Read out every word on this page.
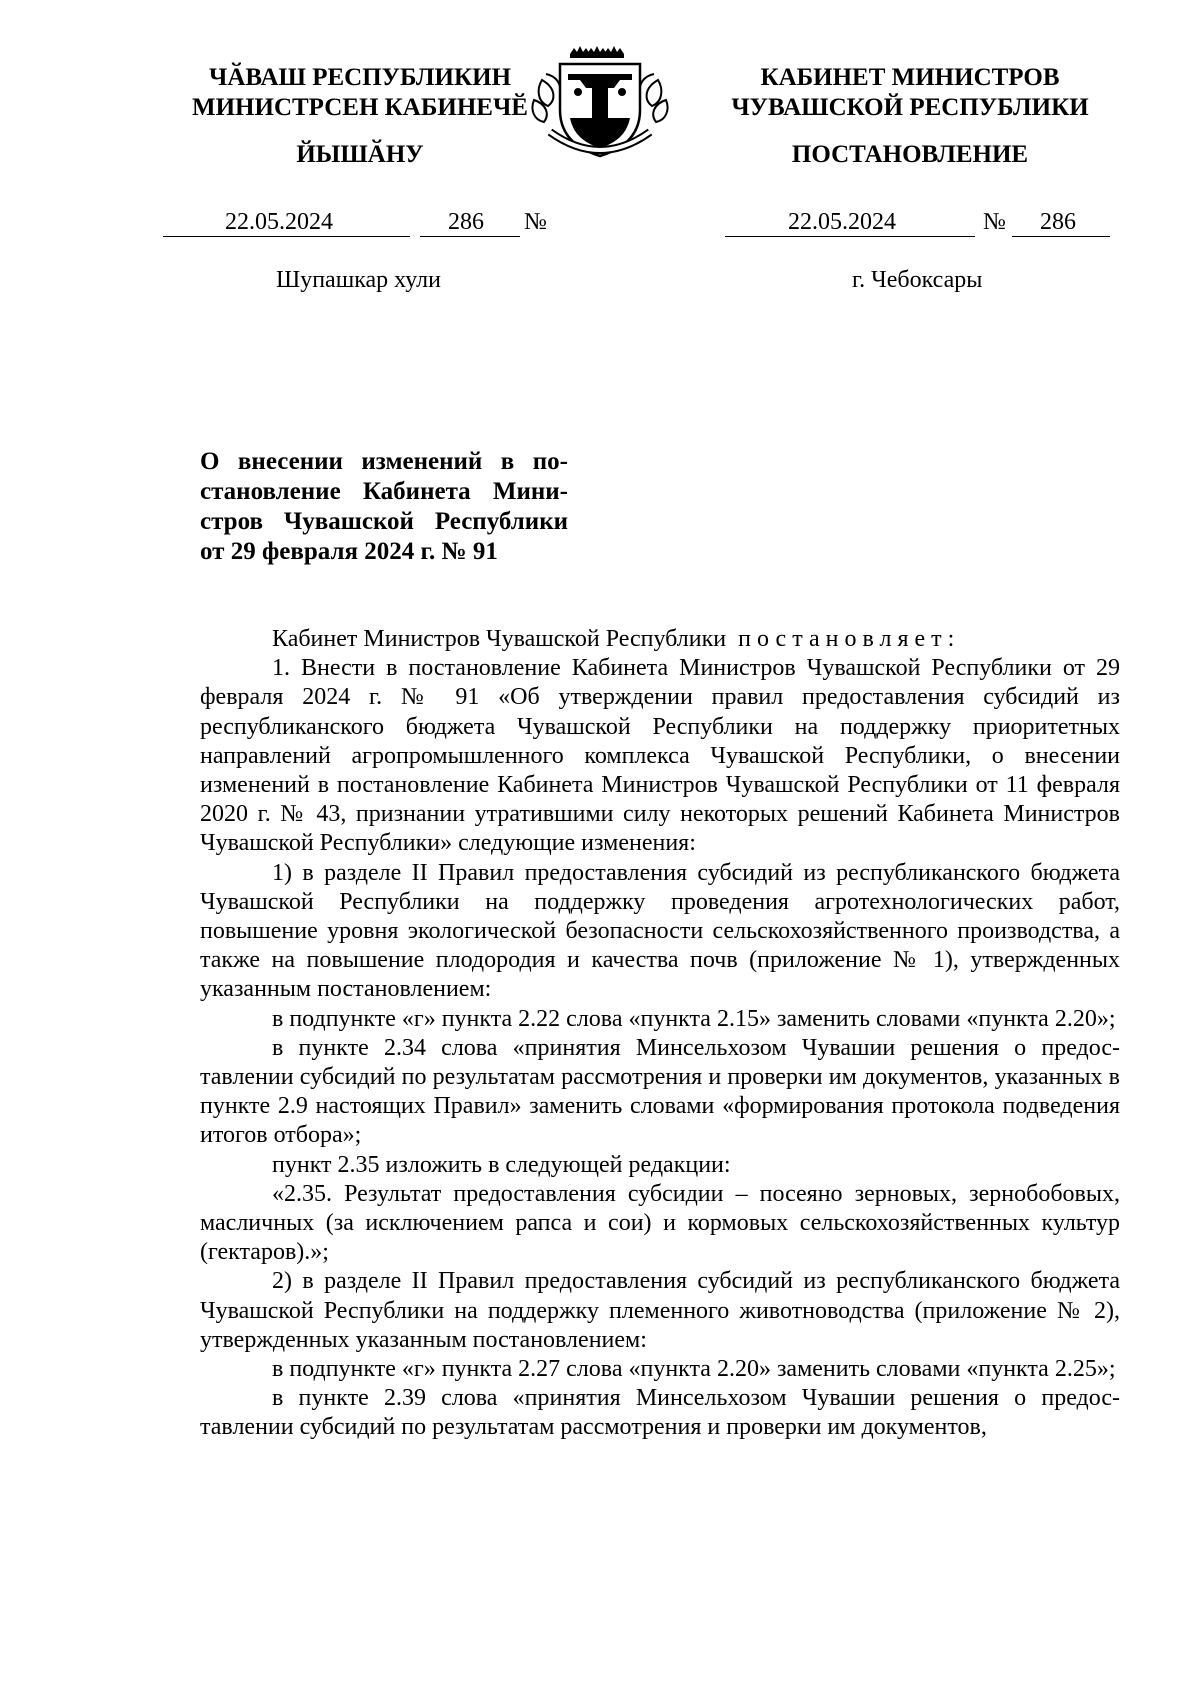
ЧӐВАШ РЕСПУБЛИКИН
МИНИСТРСЕН КАБИНЕЧӖ
ЙЫШӐНУ
КАБИНЕТ МИНИСТРОВ
ЧУВАШСКОЙ РЕСПУБЛИКИ
ПОСТАНОВЛЕНИЕ
22.05.2024	286 №	22.05.2024	№ 286
Шупашкар хули	г. Чебоксары
О внесении изменений в постановление Кабинета Министров Чувашской Республики от 29 февраля 2024 г. № 91

Кабинет Министров Чувашской Республики постановляет:

1. Внести в постановление Кабинета Министров Чувашской Республики от 29 февраля 2024 г. № 91 «Об утверждении правил предоставления субсидий из республиканского бюджета Чувашской Республики на поддержку приоритетных направлений агропромышленного комплекса Чувашской Республики, о внесении изменений в постановление Кабинета Министров Чувашской Республики от 11 февраля 2020 г. № 43, признании утратившими силу некоторых решений Кабинета Министров Чувашской Республики» следующие изменения:

1) в разделе II Правил предоставления субсидий из республиканского бюджета Чувашской Республики на поддержку проведения агротехнологических работ, повышение уровня экологической безопасности сельскохозяйственного производства, а также на повышение плодородия и качества почв (приложение № 1), утвержденных указанным постановлением:

в подпункте «г» пункта 2.22 слова «пункта 2.15» заменить словами «пункта 2.20»;

в пункте 2.34 слова «принятия Минсельхозом Чувашии решения о предоставлении субсидий по результатам рассмотрения и проверки им документов, указанных в пункте 2.9 настоящих Правил» заменить словами «формирования протокола подведения итогов отбора»;

пункт 2.35 изложить в следующей редакции:

«2.35. Результат предоставления субсидии – посеяно зерновых, зернобобовых, масличных (за исключением рапса и сои) и кормовых сельскохозяйственных культур (гектаров).»;

2) в разделе II Правил предоставления субсидий из республиканского бюджета Чувашской Республики на поддержку племенного животноводства (приложение № 2), утвержденных указанным постановлением:

в подпункте «г» пункта 2.27 слова «пункта 2.20» заменить словами «пункта 2.25»;

в пункте 2.39 слова «принятия Минсельхозом Чувашии решения о предоставлении субсидий по результатам рассмотрения и проверки им документов,
